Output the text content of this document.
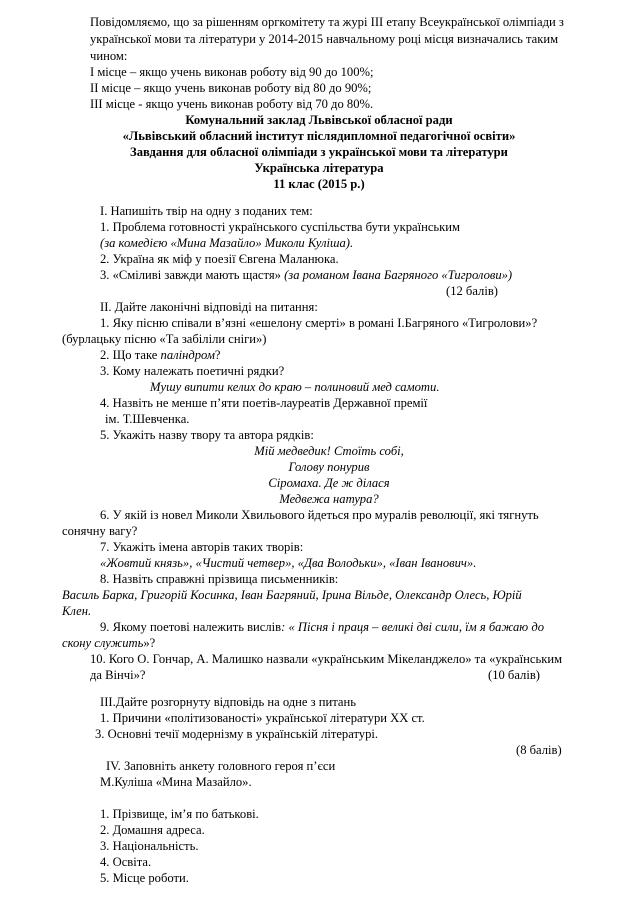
Повідомляємо, що за рішенням оргкомітету та журі ІІІ етапу Всеукраїнської олімпіади з
української мови та літератури у 2014-2015 навчальному році місця визначались таким
чином:
І місце – якщо учень виконав роботу від 90 до 100%;
ІІ місце – якщо учень виконав роботу від 80 до 90%;
ІІІ місце - якщо учень виконав роботу від 70 до 80%.
Комунальний заклад Львівської обласної ради
«Львівський обласний інститут післядипломної педагогічної освіти»
Завдання для обласної олімпіади з української мови та літератури
Українська література
11 клас (2015 р.)
І. Напишіть твір на одну з поданих тем:
1. Проблема готовності українського суспільства бути українським
(за комедією «Мина Мазайло» Миколи Куліша).
2. Україна як міф у поезії Євгена Маланюка.
3. «Сміливі завжди мають щастя» (за романом Івана Багряного «Тигролови»)
(12 балів)
ІІ. Дайте лаконічні відповіді на питання:
1. Яку пісню співали в’язні «ешелону смерті» в романі І.Багряного «Тигролови»?
(бурлацьку пісню «Та забіліли сніги»)
2. Що таке паліндром?
3. Кому належать поетичні рядки?
Мушу випити келих до краю – полиновий мед самоти.
4. Назвіть не менше п’яти поетів-лауреатів Державної премії
ім. Т.Шевченка.
5. Укажіть назву твору та автора рядків:
Мій медведик! Стоїть собі,
Голову понурив
Сіромаха. Де ж ділася
Медвежа натура?
6. У якій із новел Миколи Хвильового йдеться про муралів революції, які тягнуть
сонячну вагу?
7. Укажіть імена авторів таких творів:
«Жовтий князь», «Чистий четвер», «Два Володьки», «Іван Іванович».
8. Назвіть справжні прізвища письменників:
Василь Барка, Григорій Косинка, Іван Багряний, Ірина Вільде, Олександр Олесь, Юрій
Клен.
9. Якому поетові належить вислів: « Пісня і праця – великі дві сили, їм я бажаю до
скону служить»?
10. Кого О. Гончар, А. Малишко назвали «українським Мікеланджело» та «українським
да Вінчі»?	(10 балів)
ІІІ.Дайте розгорнуту відповідь на одне з питань
1. Причини «політизованості» української літератури ХХ ст.
3. Основні течії модернізму в українській літературі.
(8 балів)
IV. Заповніть анкету головного героя п’єси
М.Куліша «Мина Мазайло».
1. Прізвище, ім’я по батькові.
2. Домашня адреса.
3. Національність.
4. Освіта.
5. Місце роботи.
